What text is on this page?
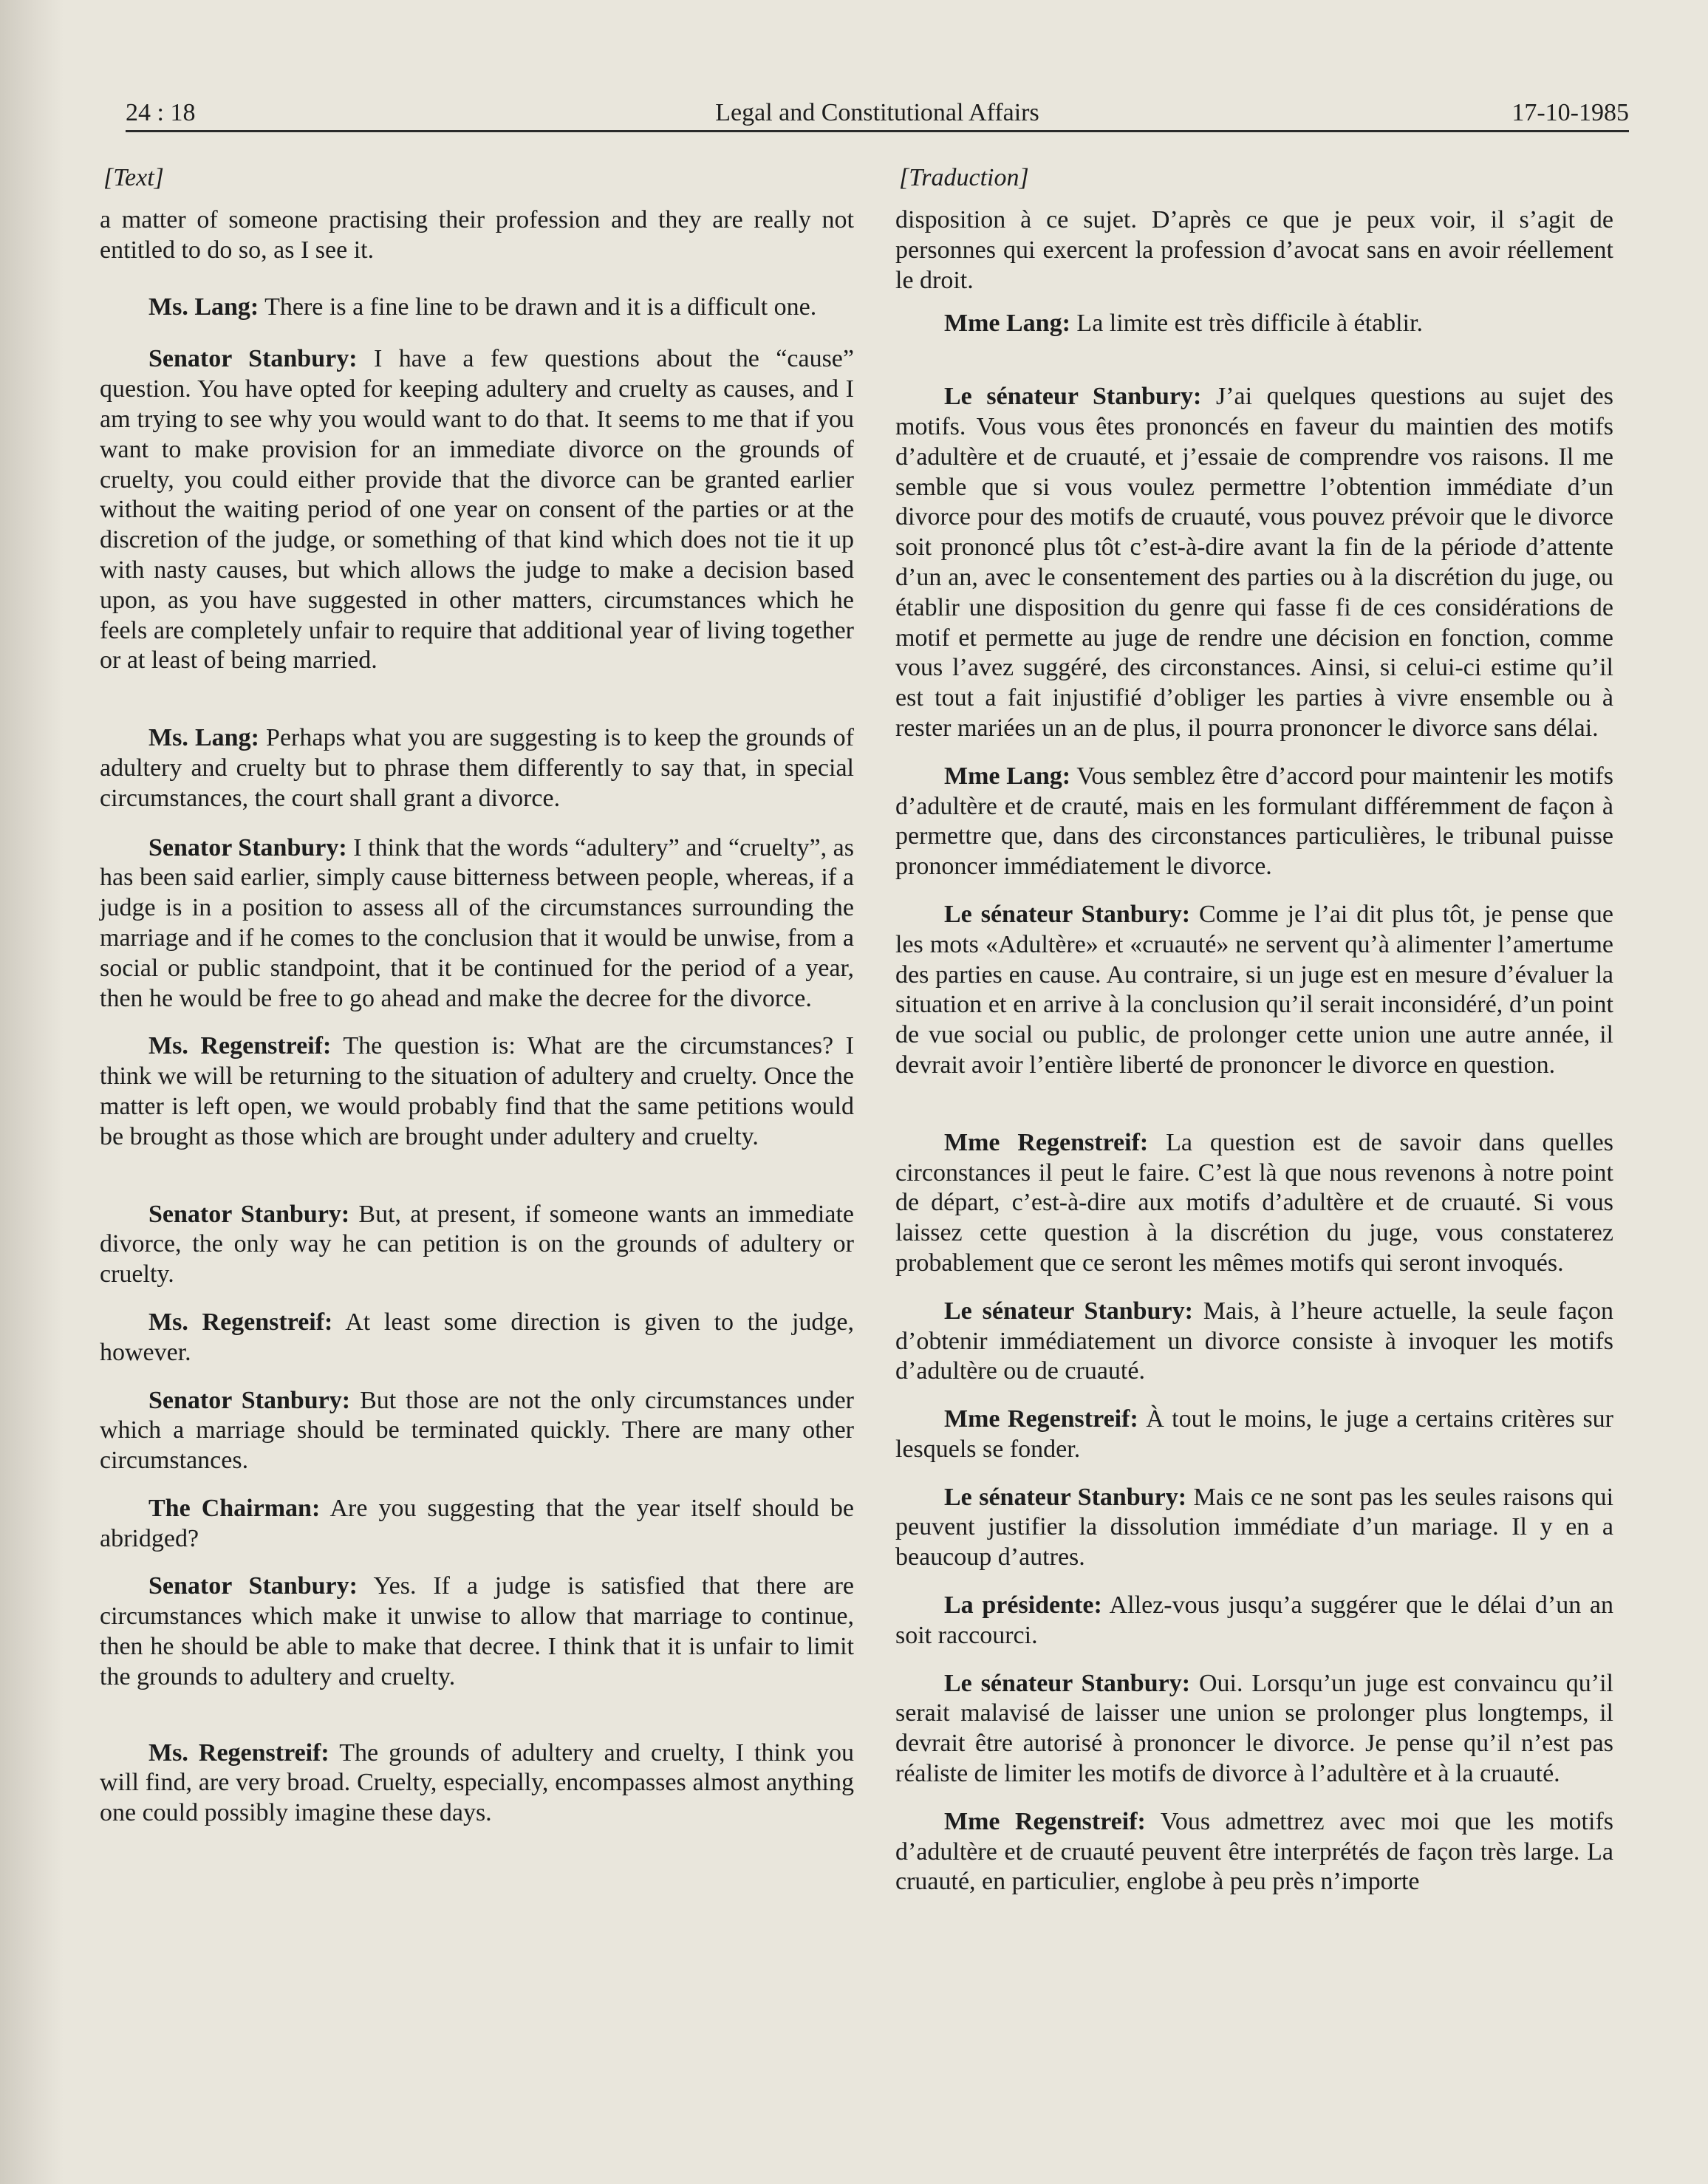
24 : 18	Legal and Constitutional Affairs	17-10-1985
[Text]

a matter of someone practising their profession and they are really not entitled to do so, as I see it.

Ms. Lang: There is a fine line to be drawn and it is a difficult one.

Senator Stanbury: I have a few questions about the “cause” question. You have opted for keeping adultery and cruelty as causes, and I am trying to see why you would want to do that. It seems to me that if you want to make provision for an immediate divorce on the grounds of cruelty, you could either provide that the divorce can be granted earlier without the waiting period of one year on consent of the parties or at the discretion of the judge, or something of that kind which does not tie it up with nasty causes, but which allows the judge to make a decision based upon, as you have suggested in other matters, circumstances which he feels are completely unfair to require that additional year of living together or at least of being married.

Ms. Lang: Perhaps what you are suggesting is to keep the grounds of adultery and cruelty but to phrase them differently to say that, in special circumstances, the court shall grant a divorce.

Senator Stanbury: I think that the words “adultery” and “cruelty”, as has been said earlier, simply cause bitterness between people, whereas, if a judge is in a position to assess all of the circumstances surrounding the marriage and if he comes to the conclusion that it would be unwise, from a social or public standpoint, that it be continued for the period of a year, then he would be free to go ahead and make the decree for the divorce.

Ms. Regenstreif: The question is: What are the circumstances? I think we will be returning to the situation of adultery and cruelty. Once the matter is left open, we would probably find that the same petitions would be brought as those which are brought under adultery and cruelty.

Senator Stanbury: But, at present, if someone wants an immediate divorce, the only way he can petition is on the grounds of adultery or cruelty.

Ms. Regenstreif: At least some direction is given to the judge, however.

Senator Stanbury: But those are not the only circumstances under which a marriage should be terminated quickly. There are many other circumstances.

The Chairman: Are you suggesting that the year itself should be abridged?

Senator Stanbury: Yes. If a judge is satisfied that there are circumstances which make it unwise to allow that marriage to continue, then he should be able to make that decree. I think that it is unfair to limit the grounds to adultery and cruelty.

Ms. Regenstreif: The grounds of adultery and cruelty, I think you will find, are very broad. Cruelty, especially, encompasses almost anything one could possibly imagine these days.

[Traduction]

disposition à ce sujet. D’après ce que je peux voir, il s’agit de personnes qui exercent la profession d’avocat sans en avoir réellement le droit.

Mme Lang: La limite est très difficile à établir.

Le sénateur Stanbury: J’ai quelques questions au sujet des motifs. Vous vous êtes prononcés en faveur du maintien des motifs d’adultère et de cruauté, et j’essaie de comprendre vos raisons. Il me semble que si vous voulez permettre l’obtention immédiate d’un divorce pour des motifs de cruauté, vous pouvez prévoir que le divorce soit prononcé plus tôt c’est-à-dire avant la fin de la période d’attente d’un an, avec le consentement des parties ou à la discrétion du juge, ou établir une disposition du genre qui fasse fi de ces considérations de motif et permette au juge de rendre une décision en fonction, comme vous l’avez suggéré, des circonstances. Ainsi, si celui-ci estime qu’il est tout a fait injustifié d’obliger les parties à vivre ensemble ou à rester mariées un an de plus, il pourra prononcer le divorce sans délai.

Mme Lang: Vous semblez être d’accord pour maintenir les motifs d’adultère et de crauté, mais en les formulant différemment de façon à permettre que, dans des circonstances particulières, le tribunal puisse prononcer immédiatement le divorce.

Le sénateur Stanbury: Comme je l’ai dit plus tôt, je pense que les mots «Adultère» et «cruauté» ne servent qu’à alimenter l’amertume des parties en cause. Au contraire, si un juge est en mesure d’évaluer la situation et en arrive à la conclusion qu’il serait inconsidéré, d’un point de vue social ou public, de prolonger cette union une autre année, il devrait avoir l’entière liberté de prononcer le divorce en question.

Mme Regenstreif: La question est de savoir dans quelles circonstances il peut le faire. C’est là que nous revenons à notre point de départ, c’est-à-dire aux motifs d’adultère et de cruauté. Si vous laissez cette question à la discrétion du juge, vous constaterez probablement que ce seront les mêmes motifs qui seront invoqués.

Le sénateur Stanbury: Mais, à l’heure actuelle, la seule façon d’obtenir immédiatement un divorce consiste à invoquer les motifs d’adultère ou de cruauté.

Mme Regenstreif: À tout le moins, le juge a certains critères sur lesquels se fonder.

Le sénateur Stanbury: Mais ce ne sont pas les seules raisons qui peuvent justifier la dissolution immédiate d’un mariage. Il y en a beaucoup d’autres.

La présidente: Allez-vous jusqu’a suggérer que le délai d’un an soit raccourci.

Le sénateur Stanbury: Oui. Lorsqu’un juge est convaincu qu’il serait malavisé de laisser une union se prolonger plus longtemps, il devrait être autorisé à prononcer le divorce. Je pense qu’il n’est pas réaliste de limiter les motifs de divorce à l’adultère et à la cruauté.

Mme Regenstreif: Vous admettrez avec moi que les motifs d’adultère et de cruauté peuvent être interprétés de façon très large. La cruauté, en particulier, englobe à peu près n’importe
